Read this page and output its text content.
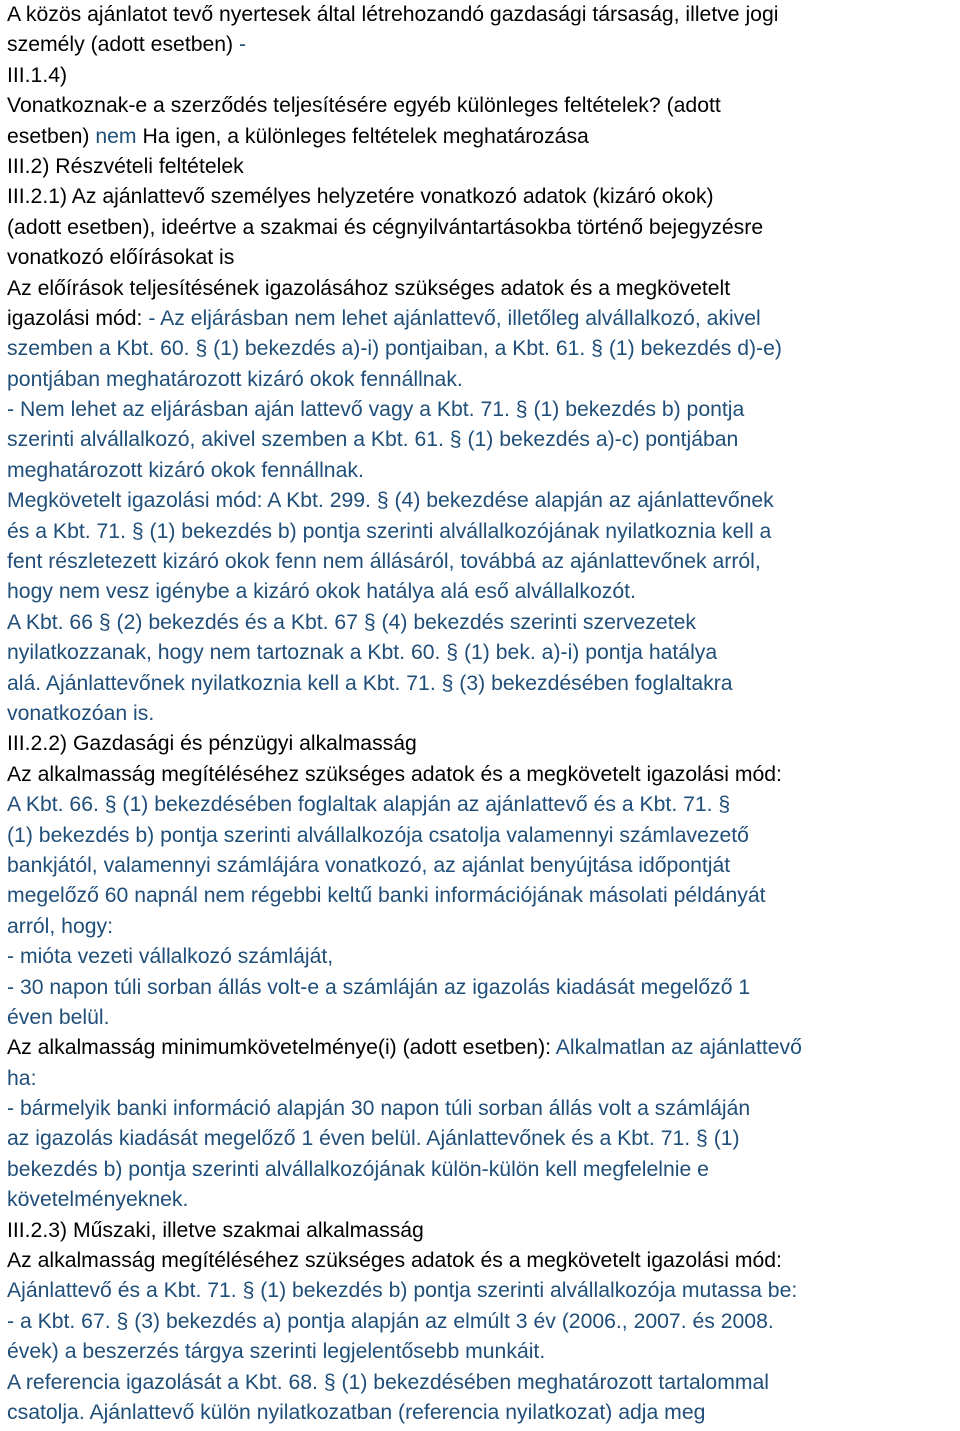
A közös ajánlatot tevő nyertesek által létrehozandó gazdasági társaság, illetve jogi
személy (adott esetben) -
III.1.4)
Vonatkoznak-e a szerződés teljesítésére egyéb különleges feltételek? (adott
esetben) nem Ha igen, a különleges feltételek meghatározása
III.2) Részvételi feltételek
III.2.1) Az ajánlattevő személyes helyzetére vonatkozó adatok (kizáró okok)
(adott esetben), ideértve a szakmai és cégnyilvántartásokba történő bejegyzésre
vonatkozó előírásokat is
Az előírások teljesítésének igazolásához szükséges adatok és a megkövetelt
igazolási mód: - Az eljárásban nem lehet ajánlattevő, illetőleg alvállalkozó, akivel
szemben a Kbt. 60. § (1) bekezdés a)-i) pontjaiban, a Kbt. 61. § (1) bekezdés d)-e)
pontjában meghatározott kizáró okok fennállnak.
- Nem lehet az eljárásban aján lattevő vagy a Kbt. 71. § (1) bekezdés b) pontja
szerinti alvállalkozó, akivel szemben a Kbt. 61. § (1) bekezdés a)-c) pontjában
meghatározott kizáró okok fennállnak.
Megkövetelt igazolási mód: A Kbt. 299. § (4) bekezdése alapján az ajánlattevőnek
és a Kbt. 71. § (1) bekezdés b) pontja szerinti alvállalkozójának nyilatkoznia kell a
fent részletezett kizáró okok fenn nem állásáról, továbbá az ajánlattevőnek arról,
hogy nem vesz igénybe a kizáró okok hatálya alá eső alvállalkozót.
A Kbt. 66 § (2) bekezdés és a Kbt. 67 § (4) bekezdés szerinti szervezetek
nyilatkozzanak, hogy nem tartoznak a Kbt. 60. § (1) bek. a)-i) pontja hatálya
alá. Ajánlattevőnek nyilatkoznia kell a Kbt. 71. § (3) bekezdésében foglaltakra
vonatkozóan is.
III.2.2) Gazdasági és pénzügyi alkalmasság
Az alkalmasság megítéléséhez szükséges adatok és a megkövetelt igazolási mód:
A Kbt. 66. § (1) bekezdésében foglaltak alapján az ajánlattevő és a Kbt. 71. §
(1) bekezdés b) pontja szerinti alvállalkozója csatolja valamennyi számlavezető
bankjától, valamennyi számlájára vonatkozó, az ajánlat benyújtása időpontját
megelőző 60 napnál nem régebbi keltű banki információjának másolati példányát
arról, hogy:
- mióta vezeti vállalkozó számláját,
- 30 napon túli sorban állás volt-e a számláján az igazolás kiadását megelőző 1
éven belül.
Az alkalmasság minimumkövetelménye(i) (adott esetben): Alkalmatlan az ajánlattevő
ha:
- bármelyik banki információ alapján 30 napon túli sorban állás volt a számláján
az igazolás kiadását megelőző 1 éven belül. Ajánlattevőnek és a Kbt. 71. § (1)
bekezdés b) pontja szerinti alvállalkozójának külön-külön kell megfelelnie e
követelményeknek.
III.2.3) Műszaki, illetve szakmai alkalmasság
Az alkalmasság megítéléséhez szükséges adatok és a megkövetelt igazolási mód:
Ajánlattevő és a Kbt. 71. § (1) bekezdés b) pontja szerinti alvállalkozója mutassa be:
- a Kbt. 67. § (3) bekezdés a) pontja alapján az elmúlt 3 év (2006., 2007. és 2008.
évek) a beszerzés tárgya szerinti legjelentősebb munkáit.
A referencia igazolását a Kbt. 68. § (1) bekezdésében meghatározott tartalommal
csatolja. Ajánlattevő külön nyilatkozatban (referencia nyilatkozat) adja meg
